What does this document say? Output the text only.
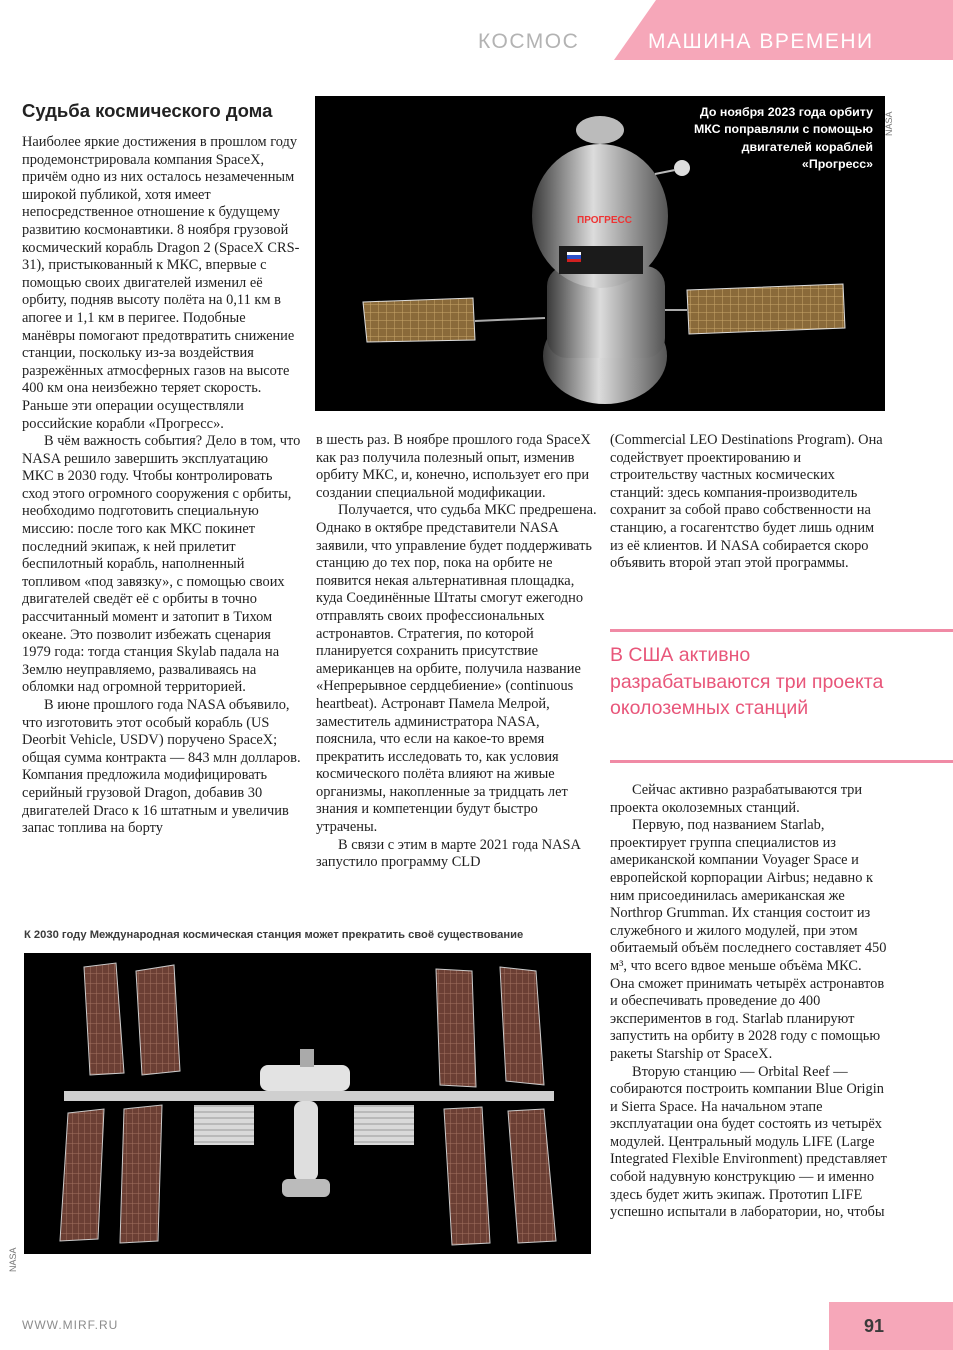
КОСМОС	МАШИНА ВРЕМЕНИ
Судьба космического дома

Наиболее яркие достижения в прошлом году продемонстрировала компания SpaceX, причём одно из них осталось незамеченным широкой публикой, хотя имеет непосредственное отношение к будущему развитию космонавтики. 8 ноября грузовой космический корабль Dragon 2 (SpaceX CRS-31), пристыкованный к МКС, впервые с помощью своих двигателей изменил её орбиту, подняв высоту полёта на 0,11 км в апогее и 1,1 км в перигее. Подобные манёвры помогают предотвратить снижение станции, поскольку из-за воздействия разрежённых атмосферных газов на высоте 400 км она неизбежно теряет скорость. Раньше эти операции осуществляли российские корабли «Прогресс».

В чём важность события? Дело в том, что NASA решило завершить эксплуатацию МКС в 2030 году. Чтобы контролировать сход этого огромного сооружения с орбиты, необходимо подготовить специальную миссию: после того как МКС покинет последний экипаж, к ней прилетит беспилотный корабль, наполненный топливом «под завязку», с помощью своих двигателей сведёт её с орбиты в точно рассчитанный момент и затопит в Тихом океане. Это позволит избежать сценария 1979 года: тогда станция Skylab падала на Землю неуправляемо, разваливаясь на обломки над огромной территорией.

В июне прошлого года NASA объявило, что изготовить этот особый корабль (US Deorbit Vehicle, USDV) поручено SpaceX; общая сумма контракта — 843 млн долларов. Компания предложила модифицировать серийный грузовой Dragon, добавив 30 двигателей Draco к 16 штатным и увеличив запас топлива на борту

ПРОГРЕСС
До ноября 2023 года орбиту МКС поправляли с помощью двигателей кораблей «Прогресс»
NASA

в шесть раз. В ноябре прошлого года SpaceX как раз получила полезный опыт, изменив орбиту МКС, и, конечно, использует его при создании специальной модификации.

Получается, что судьба МКС предрешена. Однако в октябре представители NASA заявили, что управление будет поддерживать станцию до тех пор, пока на орбите не появится некая альтернативная площадка, куда Соединённые Штаты смогут ежегодно отправлять своих профессиональных астронавтов. Стратегия, по которой планируется сохранить присутствие американцев на орбите, получила название «Непрерывное сердцебиение» (continuous heartbeat). Астронавт Памела Мелрой, заместитель администратора NASA, пояснила, что если на какое-то время прекратить исследовать то, как условия космического полёта влияют на живые организмы, накопленные за тридцать лет знания и компетенции будут быстро утрачены.

В связи с этим в марте 2021 года NASA запустило программу CLD

(Commercial LEO Destinations Program). Она содействует проектированию и строительству частных космических станций: здесь компания-производитель сохранит за собой право собственности на станцию, а госагентство будет лишь одним из её клиентов. И NASA собирается скоро объявить второй этап этой программы.

В США активно разрабатываются три проекта околоземных станций

Сейчас активно разрабатываются три проекта околоземных станций.

Первую, под названием Starlab, проектирует группа специалистов из американской компании Voyager Space и европейской корпорации Airbus; недавно к ним присоединилась американская же Northrop Grumman. Их станция состоит из служебного и жилого модулей, при этом обитаемый объём последнего составляет 450 м³, что всего вдвое меньше объёма МКС. Она сможет принимать четырёх астронавтов и обеспечивать проведение до 400 экспериментов в год. Starlab планируют запустить на орбиту в 2028 году с помощью ракеты Starship от SpaceX.

Вторую станцию — Orbital Reef — собираются построить компании Blue Origin и Sierra Space. На начальном этапе эксплуатации она будет состоять из четырёх модулей. Центральный модуль LIFE (Large Integrated Flexible Environment) представляет собой надувную конструкцию — и именно здесь будет жить экипаж. Прототип LIFE успешно испытали в лаборатории, но, чтобы

К 2030 году Международная космическая станция может прекратить своё существование
NASA
WWW.MIRF.RU	91
